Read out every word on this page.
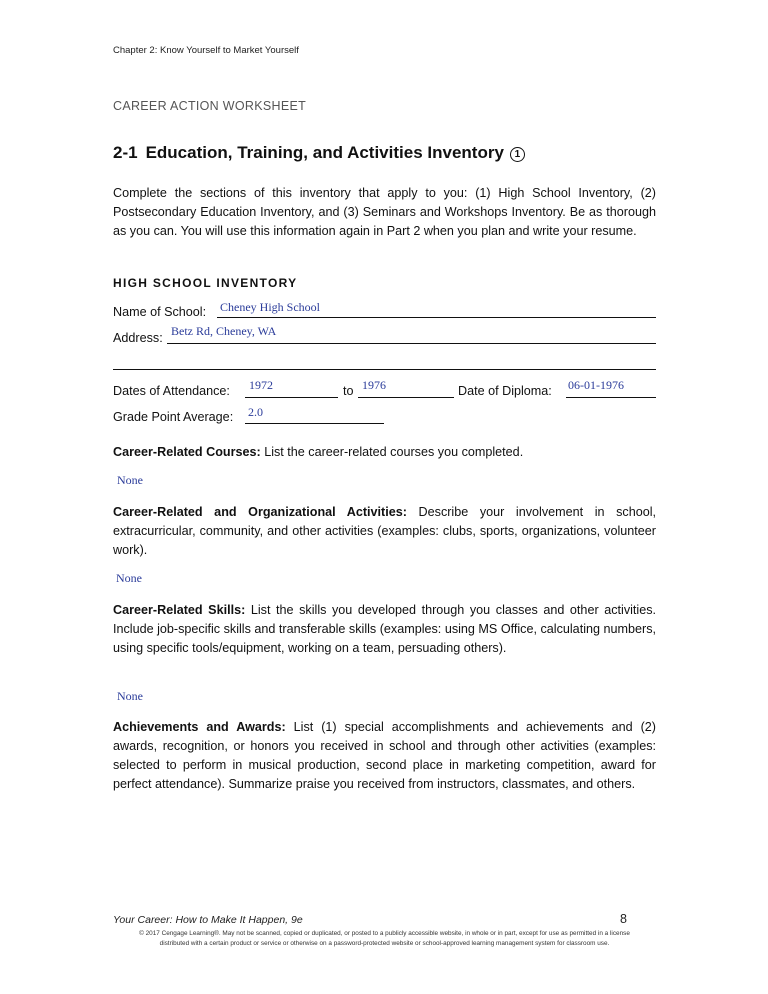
Chapter 2: Know Yourself to Market Yourself
CAREER ACTION WORKSHEET
2-1 Education, Training, and Activities Inventory 1
Complete the sections of this inventory that apply to you: (1) High School Inventory, (2) Postsecondary Education Inventory, and (3) Seminars and Workshops Inventory. Be as thorough as you can. You will use this information again in Part 2 when you plan and write your resume.
HIGH SCHOOL INVENTORY
Name of School: Cheney High School
Address: Betz Rd, Cheney, WA
Dates of Attendance: 1972	to 1976	Date of Diploma: 06-01-1976
Grade Point Average: 2.0
Career-Related Courses: List the career-related courses you completed.
None
Career-Related and Organizational Activities: Describe your involvement in school, extracurricular, community, and other activities (examples: clubs, sports, organizations, volunteer work).
None
Career-Related Skills: List the skills you developed through you classes and other activities. Include job-specific skills and transferable skills (examples: using MS Office, calculating numbers, using specific tools/equipment, working on a team, persuading others).
None
Achievements and Awards: List (1) special accomplishments and achievements and (2) awards, recognition, or honors you received in school and through other activities (examples: selected to perform in musical production, second place in marketing competition, award for perfect attendance). Summarize praise you received from instructors, classmates, and others.
Your Career: How to Make It Happen, 9e	8
© 2017 Cengage Learning®. May not be scanned, copied or duplicated, or posted to a publicly accessible website, in whole or in part, except for use as permitted in a license
distributed with a certain product or service or otherwise on a password-protected website or school-approved learning management system for classroom use.
